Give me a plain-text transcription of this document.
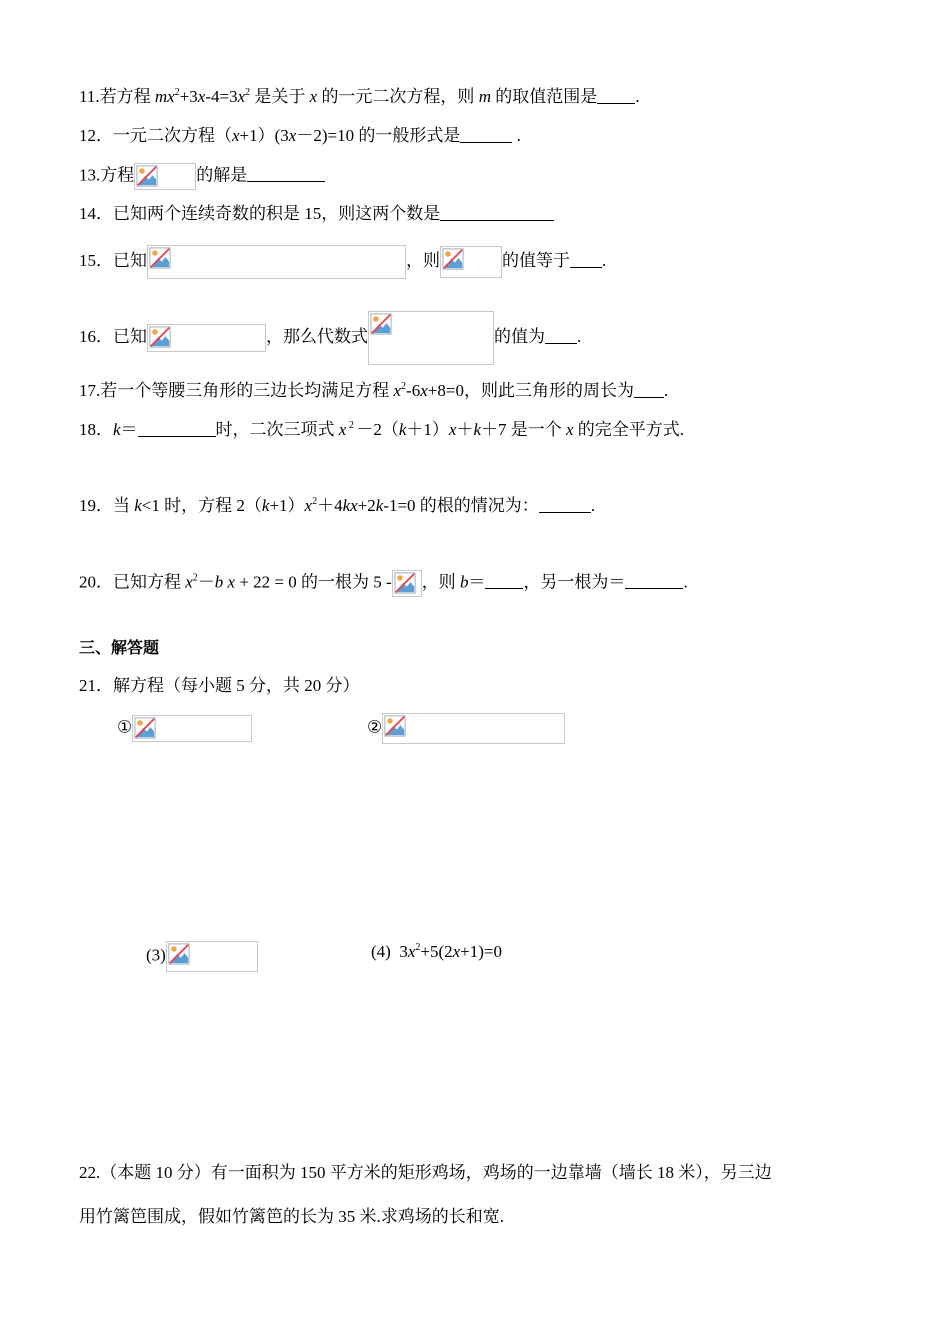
11.若方程 $mx^2+3x-4=3x^2$ 是关于 x 的一元二次方程，则 m 的取值范围是 .
12．一元二次方程（x+1）(3x－2)=10 的一般形式是	.
13.方程	的解是
14．已知两个连续奇数的积是 15，则这两个数是
15．已知	，则	的值等于 .
16．已知	，那么代数式	的值为 .
17.若一个等腰三角形的三边长均满足方程 $x^2-6x+8=0$，则此三角形的周长为 .
18．k＝	时，二次三项式 x $^2$ －2（k＋1）x＋k＋7 是一个 x 的完全平方式.
19．当 k<1 时，方程 $2(k+1)x^2+4kx+2k-1=0$ 的根的情况为：	.
20．已知方程 $x^2-b$ x + 22 = 0 的一根为 5 - ，则 b＝ ，另一根为＝	.
三、解答题
21．解方程（每小题 5 分，共 20 分）
①	②
(3)	(4) $3x^2+5(2x+1)=0$
22.（本题 10 分）有一面积为 150 平方米的矩形鸡场，鸡场的一边靠墙（墙长 18 米），另三边
用竹篱笆围成，假如竹篱笆的长为 35 米.求鸡场的长和宽.
